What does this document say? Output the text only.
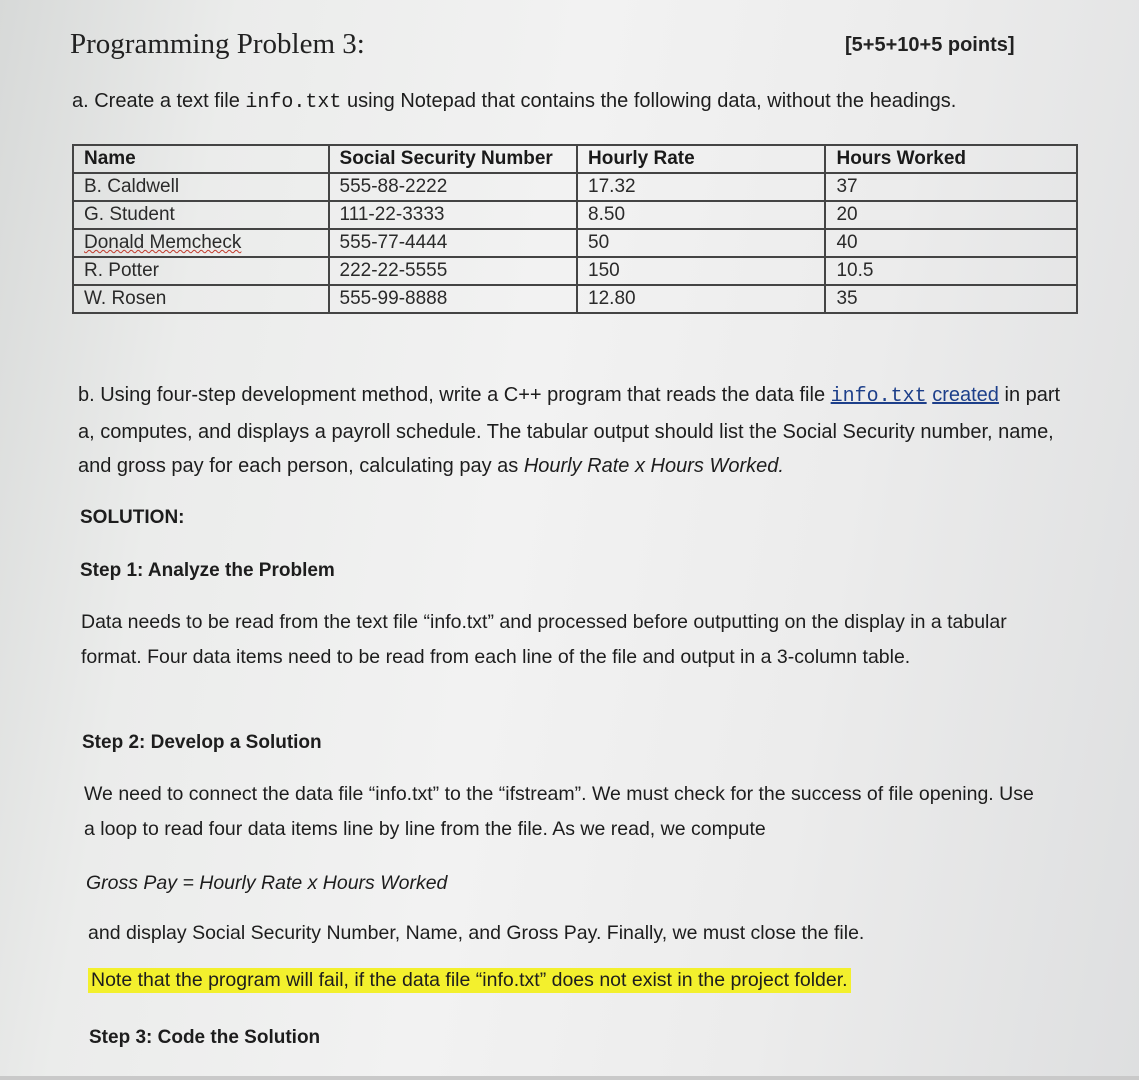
Programming Problem 3:	[5+5+10+5 points]
a. Create a text file info.txt using Notepad that contains the following data, without the headings.
Name	Social Security Number	Hourly Rate	Hours Worked
B. Caldwell	555-88-2222	17.32	37
G. Student	111-22-3333	8.50	20
Donald Memcheck	555-77-4444	50	40
R. Potter	222-22-5555	150	10.5
W. Rosen	555-99-8888	12.80	35
b. Using four-step development method, write a C++ program that reads the data file info.txt created in part a, computes, and displays a payroll schedule. The tabular output should list the Social Security number, name, and gross pay for each person, calculating pay as Hourly Rate x Hours Worked.
SOLUTION:
Step 1: Analyze the Problem
Data needs to be read from the text file “info.txt” and processed before outputting on the display in a tabular format. Four data items need to be read from each line of the file and output in a 3-column table.
Step 2: Develop a Solution
We need to connect the data file “info.txt” to the “ifstream”. We must check for the success of file opening. Use a loop to read four data items line by line from the file. As we read, we compute
Gross Pay = Hourly Rate x Hours Worked
and display Social Security Number, Name, and Gross Pay. Finally, we must close the file.
Note that the program will fail, if the data file “info.txt” does not exist in the project folder.
Step 3: Code the Solution
